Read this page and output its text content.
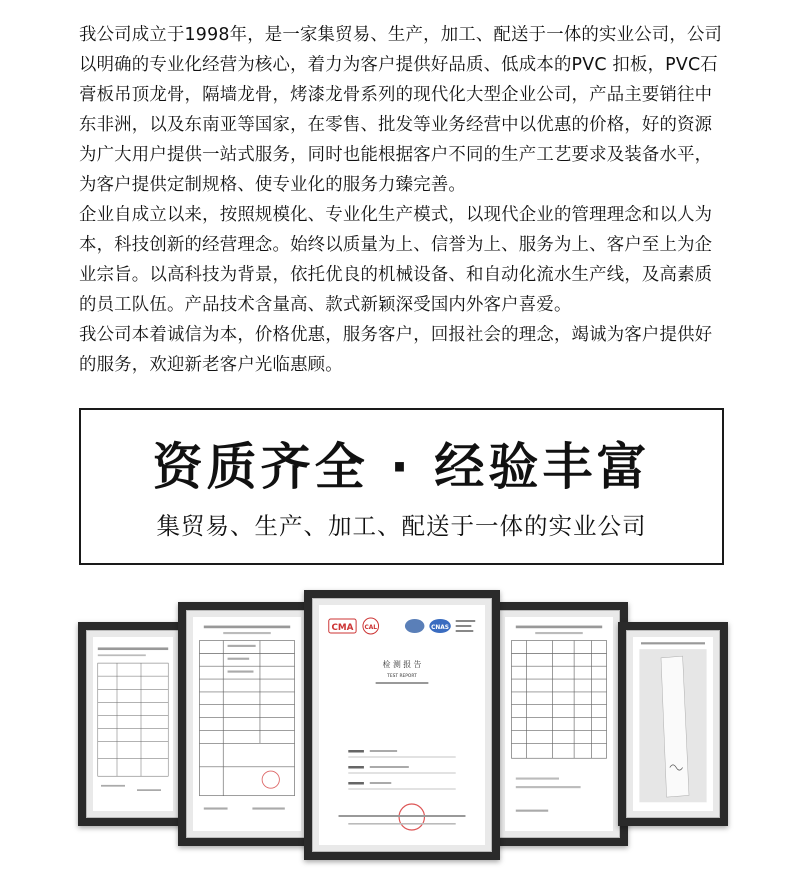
我公司成立于1998年，是一家集贸易、生产，加工、配送于一体的实业公司，公司以明确的专业化经营为核心，着力为客户提供好品质、低成本的PVC 扣板，PVC石膏板吊顶龙骨，隔墙龙骨，烤漆龙骨系列的现代化大型企业公司，产品主要销往中东非洲，以及东南亚等国家，在零售、批发等业务经营中以优惠的价格，好的资源为广大用户提供一站式服务，同时也能根据客户不同的生产工艺要求及装备水平，为客户提供定制规格、使专业化的服务力臻完善。

企业自成立以来，按照规模化、专业化生产模式，以现代企业的管理理念和以人为本，科技创新的经营理念。始终以质量为上、信誉为上、服务为上、客户至上为企业宗旨。以高科技为背景，依托优良的机械设备、和自动化流水生产线，及高素质的员工队伍。产品技术含量高、款式新颖深受国内外客户喜爱。

我公司本着诚信为本，价格优惠，服务客户，回报社会的理念，竭诚为客户提供好的服务，欢迎新老客户光临惠顾。

资质齐全 · 经验丰富
集贸易、生产、加工、配送于一体的实业公司
CMA CAL	CNAS
检 测 报 告
TEST REPORT
